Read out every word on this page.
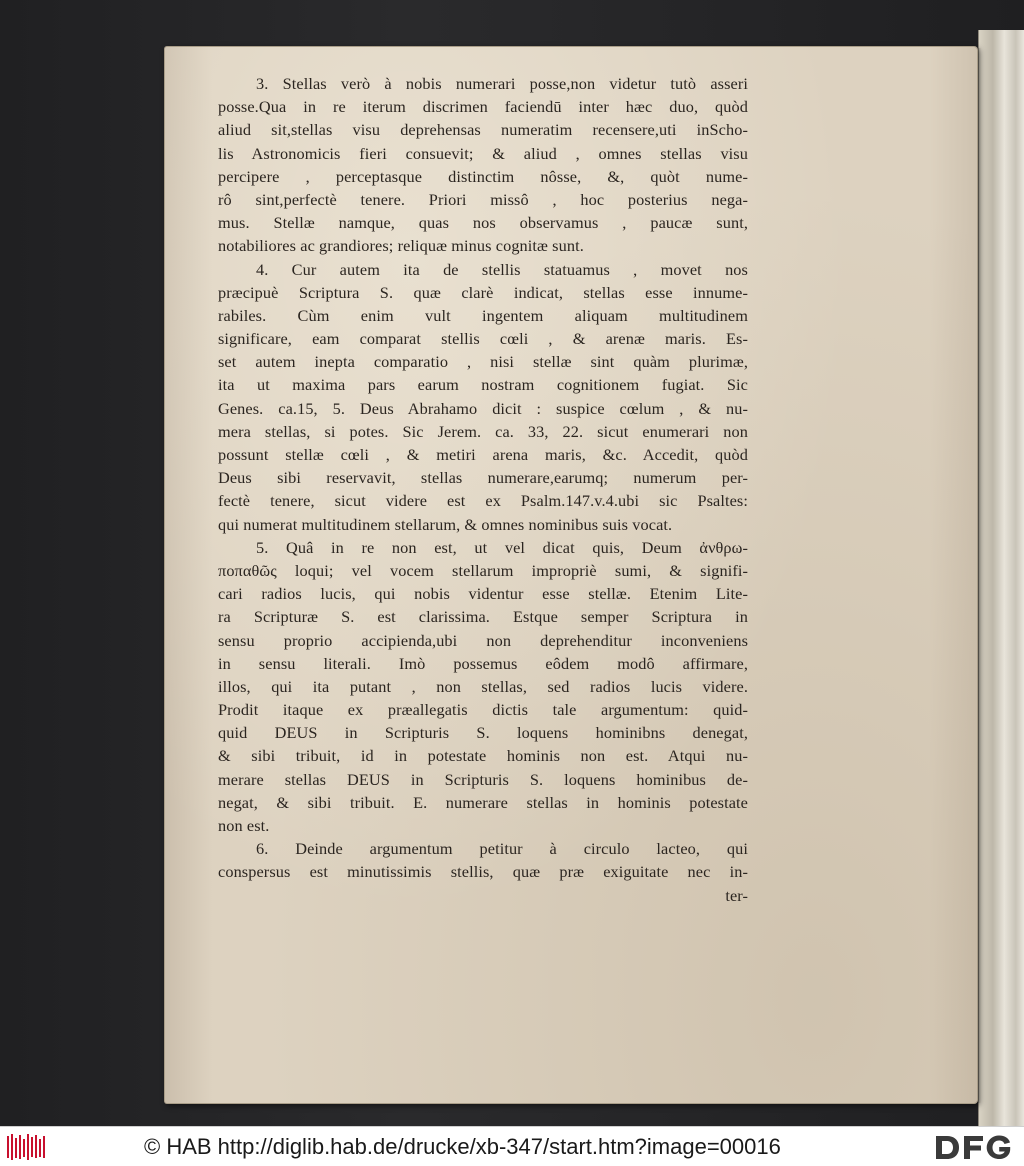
3. Stellas verò à nobis numerari posse,non videtur tutò asseri
posse.Qua in re iterum discrimen faciendū inter hæc duo, quòd
aliud sit,stellas visu deprehensas numeratim recensere,uti inScho-
lis Astronomicis fieri consuevit; & aliud , omnes stellas visu
percipere , perceptasque distinctim nôsse, &, quòt nume-
rô sint,perfectè tenere. Priori missô , hoc posterius nega-
mus. Stellæ namque, quas nos observamus , paucæ sunt,
notabiliores ac grandiores; reliquæ minus cognitæ sunt.
4. Cur autem ita de stellis statuamus , movet nos
præcipuè Scriptura S. quæ clarè indicat, stellas esse innume-
rabiles. Cùm enim vult ingentem aliquam multitudinem
significare, eam comparat stellis cœli , & arenæ maris. Es-
set autem inepta comparatio , nisi stellæ sint quàm plurimæ,
ita ut maxima pars earum nostram cognitionem fugiat. Sic
Genes. ca.15, 5. Deus Abrahamo dicit : suspice cœlum , & nu-
mera stellas, si potes. Sic Jerem. ca. 33, 22. sicut enumerari non
possunt stellæ cœli , & metiri arena maris, &c. Accedit, quòd
Deus sibi reservavit, stellas numerare,earumq; numerum per-
fectè tenere, sicut videre est ex Psalm.147.v.4.ubi sic Psaltes:
qui numerat multitudinem stellarum, & omnes nominibus suis vocat.
5. Quâ in re non est, ut vel dicat quis, Deum ἀνθρω-
ποπαθῶς loqui; vel vocem stellarum impropriè sumi, & signifi-
cari radios lucis, qui nobis videntur esse stellæ. Etenim Lite-
ra Scripturæ S. est clarissima. Estque semper Scriptura in
sensu proprio accipienda,ubi non deprehenditur inconveniens
in sensu literali. Imò possemus eôdem modô affirmare,
illos, qui ita putant , non stellas, sed radios lucis videre.
Prodit itaque ex præallegatis dictis tale argumentum: quid-
quid DEUS in Scripturis S. loquens hominibns denegat,
& sibi tribuit, id in potestate hominis non est. Atqui nu-
merare stellas DEUS in Scripturis S. loquens hominibus de-
negat, & sibi tribuit. E. numerare stellas in hominis potestate
non est.
6. Deinde argumentum petitur à circulo lacteo, qui
conspersus est minutissimis stellis, quæ præ exiguitate nec in-
ter-
© HAB http://diglib.hab.de/drucke/xb-347/start.htm?image=00016
